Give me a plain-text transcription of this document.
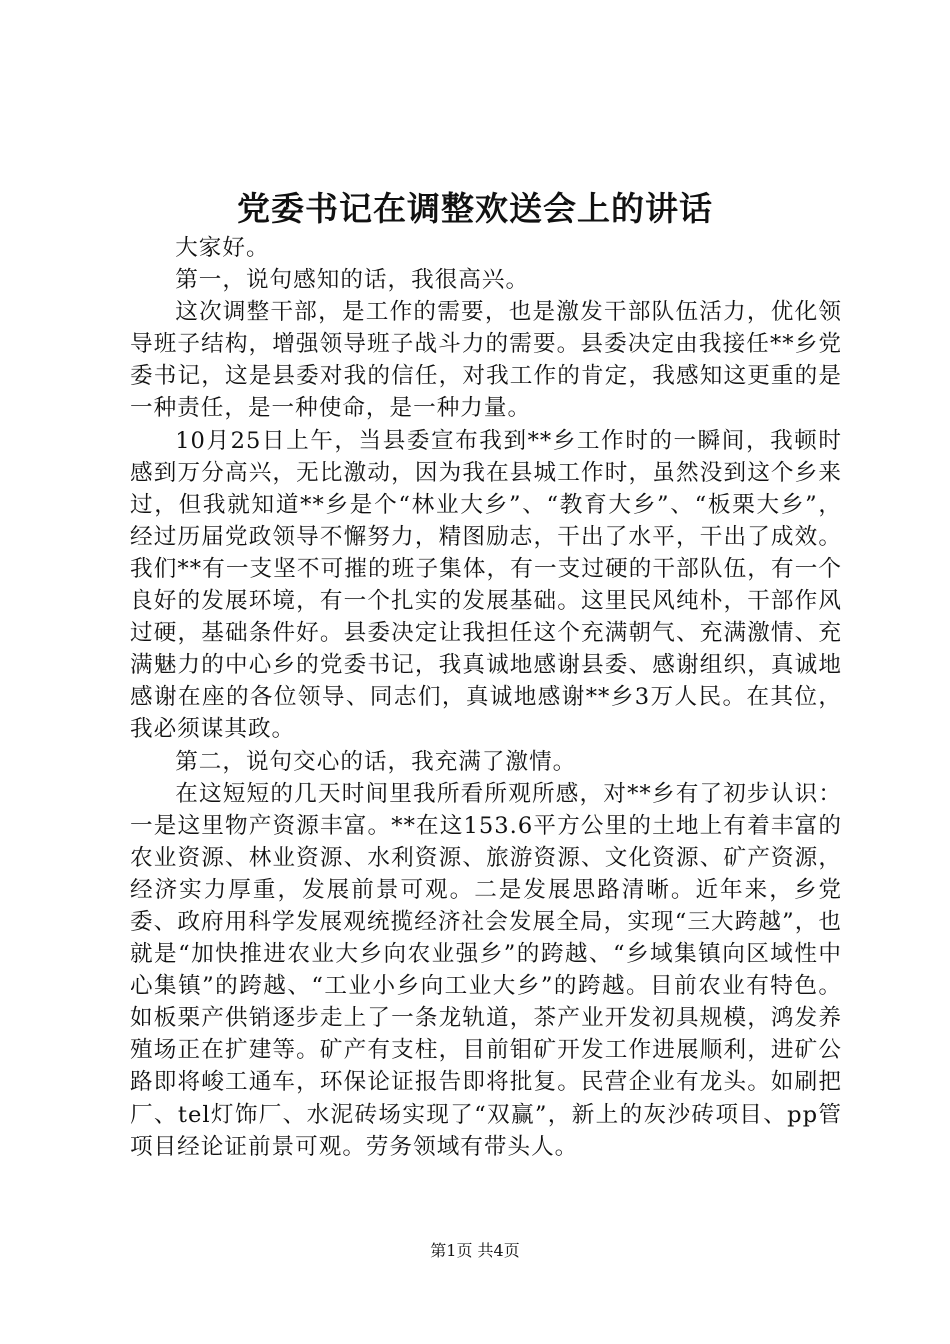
党委书记在调整欢送会上的讲话

大家好。

第一，说句感知的话，我很高兴。

这次调整干部，是工作的需要，也是激发干部队伍活力，优化领导班子结构，增强领导班子战斗力的需要。县委决定由我接任**乡党委书记，这是县委对我的信任，对我工作的肯定，我感知这更重的是一种责任，是一种使命，是一种力量。

10月25日上午，当县委宣布我到**乡工作时的一瞬间，我顿时感到万分高兴，无比激动，因为我在县城工作时，虽然没到这个乡来过，但我就知道**乡是个“林业大乡”、“教育大乡”、“板栗大乡”，经过历届党政领导不懈努力，精图励志，干出了水平，干出了成效。我们**有一支坚不可摧的班子集体，有一支过硬的干部队伍，有一个良好的发展环境，有一个扎实的发展基础。这里民风纯朴，干部作风过硬，基础条件好。县委决定让我担任这个充满朝气、充满激情、充满魅力的中心乡的党委书记，我真诚地感谢县委、感谢组织，真诚地感谢在座的各位领导、同志们，真诚地感谢**乡3万人民。在其位，我必须谋其政。

第二，说句交心的话，我充满了激情。

在这短短的几天时间里我所看所观所感，对**乡有了初步认识：一是这里物产资源丰富。**在这153.6平方公里的土地上有着丰富的农业资源、林业资源、水利资源、旅游资源、文化资源、矿产资源，经济实力厚重，发展前景可观。二是发展思路清晰。近年来，乡党委、政府用科学发展观统揽经济社会发展全局，实现“三大跨越”，也就是“加快推进农业大乡向农业强乡”的跨越、“乡域集镇向区域性中心集镇”的跨越、“工业小乡向工业大乡”的跨越。目前农业有特色。如板栗产供销逐步走上了一条龙轨道，茶产业开发初具规模，鸿发养殖场正在扩建等。矿产有支柱，目前钼矿开发工作进展顺利，进矿公路即将峻工通车，环保论证报告即将批复。民营企业有龙头。如刷把厂、tel灯饰厂、水泥砖场实现了“双赢”，新上的灰沙砖项目、pp管项目经论证前景可观。劳务领域有带头人。

第1页 共4页
